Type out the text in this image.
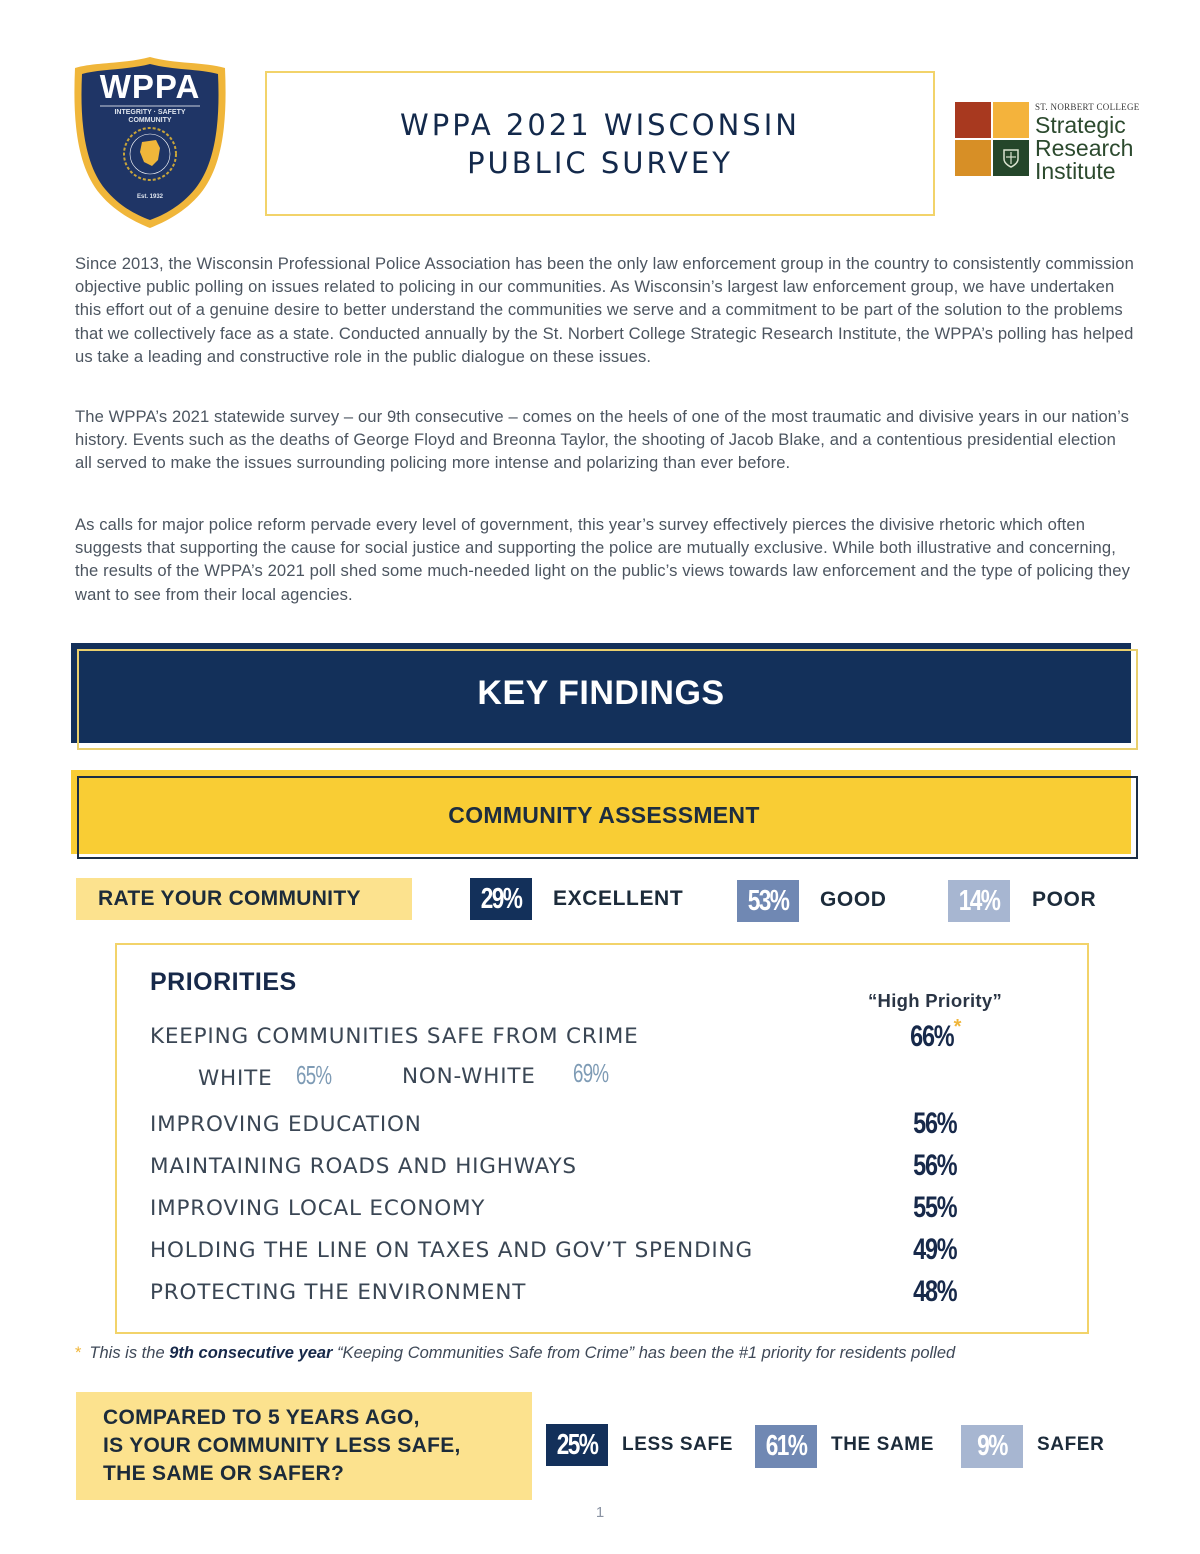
WPPA
INTEGRITY · SAFETY
COMMUNITY
Est. 1932
WPPA 2021 WISCONSIN
PUBLIC SURVEY
ST. NORBERT COLLEGE
Strategic
Research
Institute

Since 2013, the Wisconsin Professional Police Association has been the only law enforcement group in the country to consistently commission objective public polling on issues related to policing in our communities. As Wisconsin’s largest law enforcement group, we have undertaken this effort out of a genuine desire to better understand the communities we serve and a commitment to be part of the solution to the problems that we collectively face as a state. Conducted annually by the St. Norbert College Strategic Research Institute, the WPPA’s polling has helped us take a leading and constructive role in the public dialogue on these issues.

The WPPA’s 2021 statewide survey – our 9th consecutive – comes on the heels of one of the most traumatic and divisive years in our nation’s history. Events such as the deaths of George Floyd and Breonna Taylor, the shooting of Jacob Blake, and a contentious presidential election all served to make the issues surrounding policing more intense and polarizing than ever before.

As calls for major police reform pervade every level of government, this year’s survey effectively pierces the divisive rhetoric which often suggests that supporting the cause for social justice and supporting the police are mutually exclusive. While both illustrative and concerning, the results of the WPPA’s 2021 poll shed some much-needed light on the public’s views towards law enforcement and the type of policing they want to see from their local agencies.

KEY FINDINGS
COMMUNITY ASSESSMENT
RATE YOUR COMMUNITY	29% EXCELLENT 53% GOOD 14% POOR
PRIORITIES
“High Priority”
KEEPING COMMUNITIES SAFE FROM CRIME	66%*
WHITE 65%	NON-WHITE 69%
IMPROVING EDUCATION	56%
MAINTAINING ROADS AND HIGHWAYS	56%
IMPROVING LOCAL ECONOMY	55%
HOLDING THE LINE ON TAXES AND GOV’T SPENDING	49%
PROTECTING THE ENVIRONMENT	48%
* This is the 9th consecutive year “Keeping Communities Safe from Crime” has been the #1 priority for residents polled
COMPARED TO 5 YEARS AGO,
IS YOUR COMMUNITY LESS SAFE,
THE SAME OR SAFER?
25% LESS SAFE 61% THE SAME 9% SAFER
1
